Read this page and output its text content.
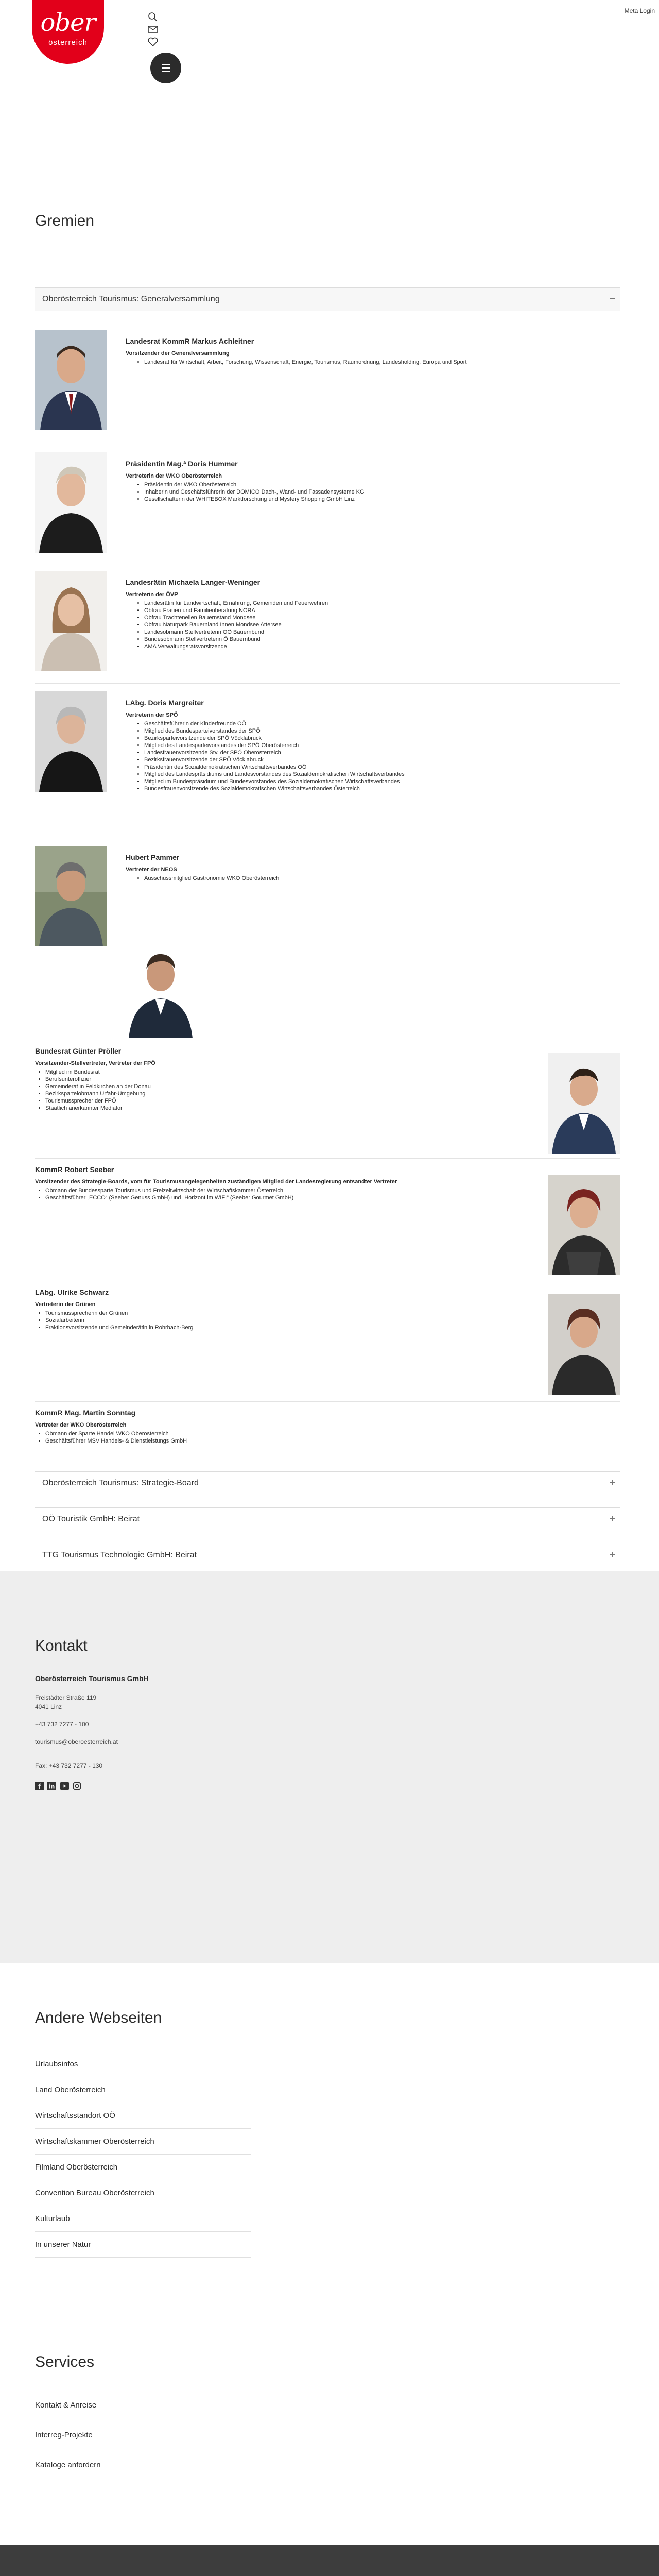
ober
österreich
Meta Login
Gremien
Oberösterreich Tourismus: Generalversammlung	−
Landesrat KommR Markus Achleitner
Vorsitzender der Generalversammlung
• Landesrat für Wirtschaft, Arbeit, Forschung, Wissenschaft, Energie, Tourismus, Raumordnung, Landesholding, Europa und Sport
Präsidentin Mag.ª Doris Hummer
Vertreterin der WKO Oberösterreich
• Präsidentin der WKO Oberösterreich
• Inhaberin und Geschäftsführerin der DOMICO Dach-, Wand- und Fassadensysteme KG
• Gesellschafterin der WHITEBOX Marktforschung und Mystery Shopping GmbH Linz
Landesrätin Michaela Langer-Weninger
Vertreterin der ÖVP
• Landesrätin für Landwirtschaft, Ernährung, Gemeinden und Feuerwehren
• Obfrau Frauen und Familienberatung NORA
• Obfrau Trachtenellen Bauernstand Mondsee
• Obfrau Naturpark Bauernland Innen Mondsee Attersee
• Landesobmann Stellvertreterin OÖ Bauernbund
• Bundesobmann Stellvertreterin Ö Bauernbund
• AMA Verwaltungsratsvorsitzende
LAbg. Doris Margreiter
Vertreterin der SPÖ
• Geschäftsführerin der Kinderfreunde OÖ
• Mitglied des Bundesparteivorstandes der SPÖ
• Bezirksparteivorsitzende der SPÖ Vöcklabruck
• Mitglied des Landesparteivorstandes der SPÖ Oberösterreich
• Landesfrauenvorsitzende Stv. der SPÖ Oberösterreich
• Bezirksfrauenvorsitzende der SPÖ Vöcklabruck
• Präsidentin des Sozialdemokratischen Wirtschaftsverbandes OÖ
• Mitglied des Landespräsidiums und Landesvorstandes des Sozialdemokratischen Wirtschaftsverbandes
• Mitglied im Bundespräsidium und Bundesvorstandes des Sozialdemokratischen Wirtschaftsverbandes
• Bundesfrauenvorsitzende des Sozialdemokratischen Wirtschaftsverbandes Österreich
Hubert Pammer
Vertreter der NEOS
• Ausschussmitglied Gastronomie WKO Oberösterreich
Bundesrat Günter Pröller
Vorsitzender-Stellvertreter, Vertreter der FPÖ
• Mitglied im Bundesrat
• Berufsunteroffizier
• Gemeinderat in Feldkirchen an der Donau
• Bezirksparteiobmann Urfahr-Umgebung
• Tourismussprecher der FPÖ
• Staatlich anerkannter Mediator
KommR Robert Seeber
Vorsitzender des Strategie-Boards, vom für Tourismusangelegenheiten zuständigen Mitglied der Landesregierung entsandter Vertreter
• Obmann der Bundessparte Tourismus und Freizeitwirtschaft der Wirtschaftskammer Österreich
• Geschäftsführer „ECCO“ (Seeber Genuss GmbH) und „Horizont im WIFI“ (Seeber Gourmet GmbH)
LAbg. Ulrike Schwarz
Vertreterin der Grünen
• Tourismussprecherin der Grünen
• Sozialarbeiterin
• Fraktionsvorsitzende und Gemeinderätin in Rohrbach-Berg
KommR Mag. Martin Sonntag
Vertreter der WKO Oberösterreich
• Obmann der Sparte Handel WKO Oberösterreich
• Geschäftsführer MSV Handels- & Dienstleistungs GmbH
Oberösterreich Tourismus: Strategie-Board	+
OÖ Touristik GmbH: Beirat	+
TTG Tourismus Technologie GmbH: Beirat	+
Kontakt
Oberösterreich Tourismus GmbH
Freistädter Straße 119
4041 Linz
+43 732 7277 - 100
tourismus@oberoesterreich.at
Fax: +43 732 7277 - 130

Andere Webseiten
Urlaubsinfos
Land Oberösterreich
Wirtschaftsstandort OÖ
Wirtschaftskammer Oberösterreich
Filmland Oberösterreich
Convention Bureau Oberösterreich
Kulturlaub
In unserer Natur
Services
Kontakt & Anreise
Interreg-Projekte
Kataloge anfordern
